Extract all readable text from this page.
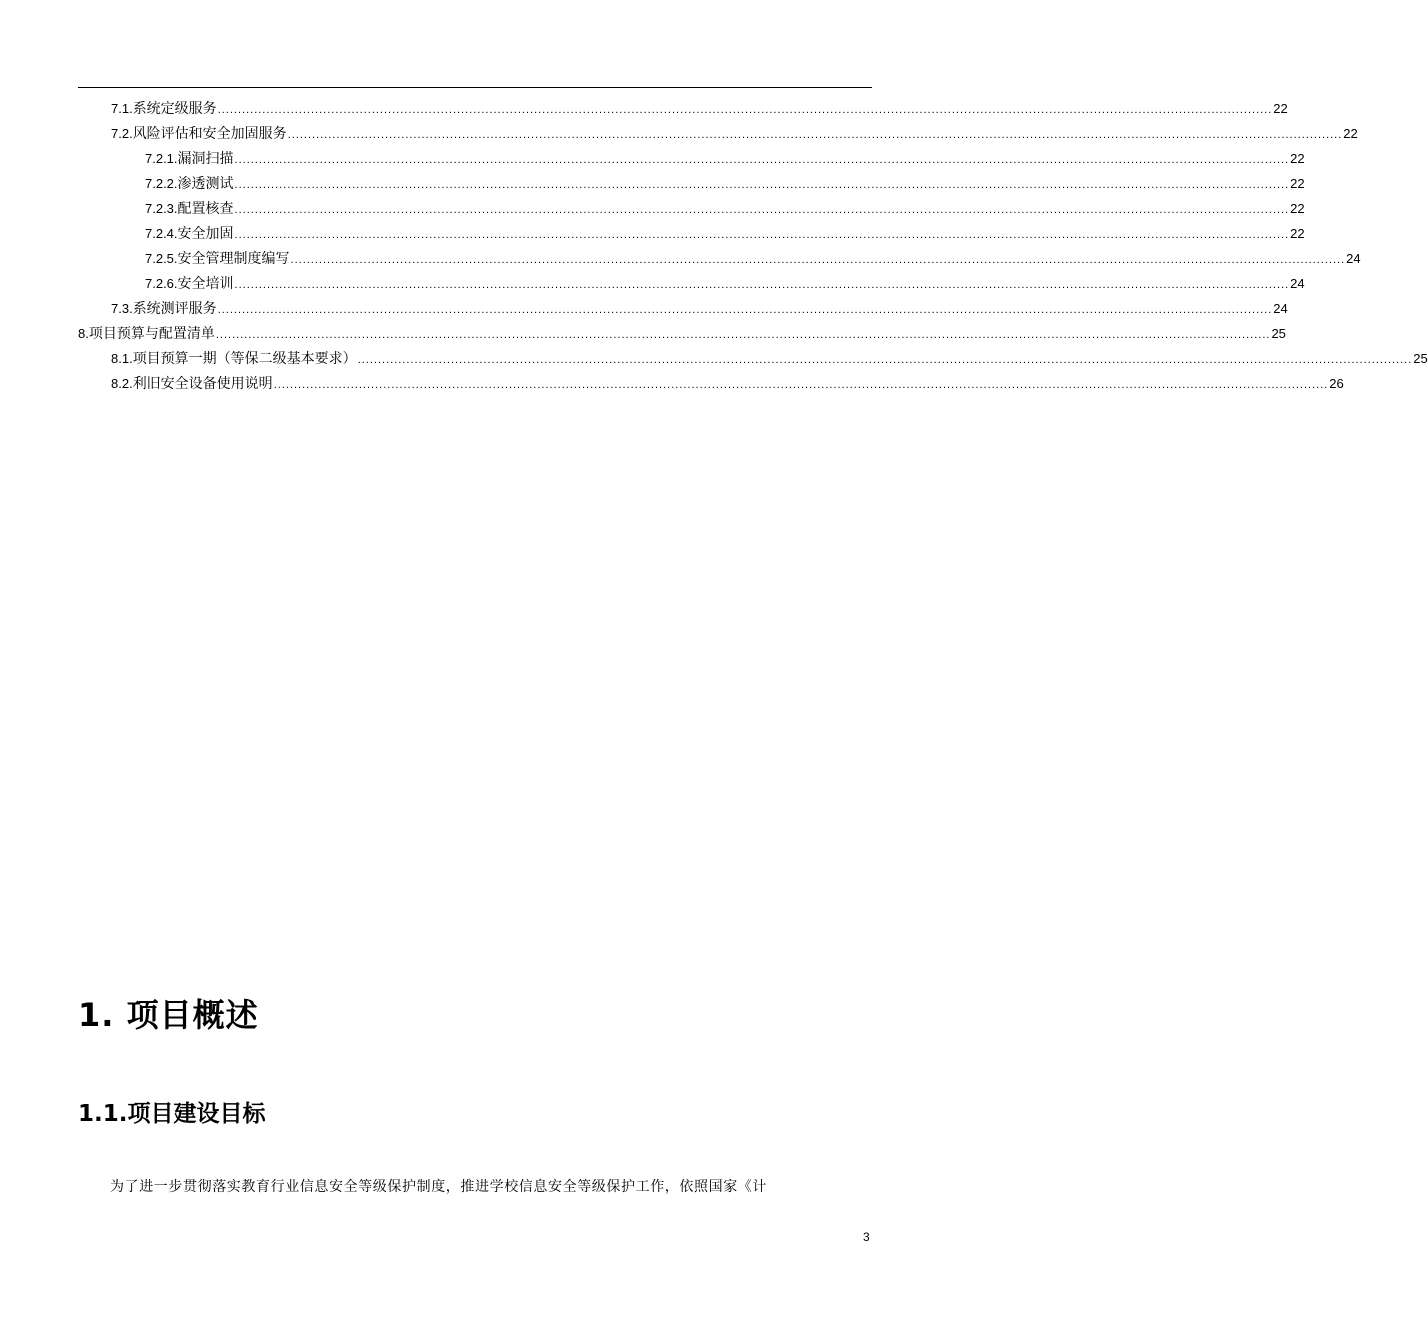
7.1. 系统定级服务 .................................................................................................................................................................................................................................................................... 22
7.2. 风险评估和安全加固服务 .................................................................................................................................................................................................................................................................... 22
7.2.1. 漏洞扫描 .................................................................................................................................................................................................................................................................... 22
7.2.2. 渗透测试 .................................................................................................................................................................................................................................................................... 22
7.2.3. 配置核查 .................................................................................................................................................................................................................................................................... 22
7.2.4. 安全加固 .................................................................................................................................................................................................................................................................... 22
7.2.5. 安全管理制度编写 .................................................................................................................................................................................................................................................................... 24
7.2.6. 安全培训 .................................................................................................................................................................................................................................................................... 24
7.3. 系统测评服务 .................................................................................................................................................................................................................................................................... 24
8. 项目预算与配置清单 .................................................................................................................................................................................................................................................................... 25
8.1. 项目预算一期（等保二级基本要求） .................................................................................................................................................................................................................................................................... 25
8.2. 利旧安全设备使用说明 .................................................................................................................................................................................................................................................................... 26
1. 项目概述
1.1.项目建设目标
为了进一步贯彻落实教育行业信息安全等级保护制度，推进学校信息安全等级保护工作，依照国家《计
3
